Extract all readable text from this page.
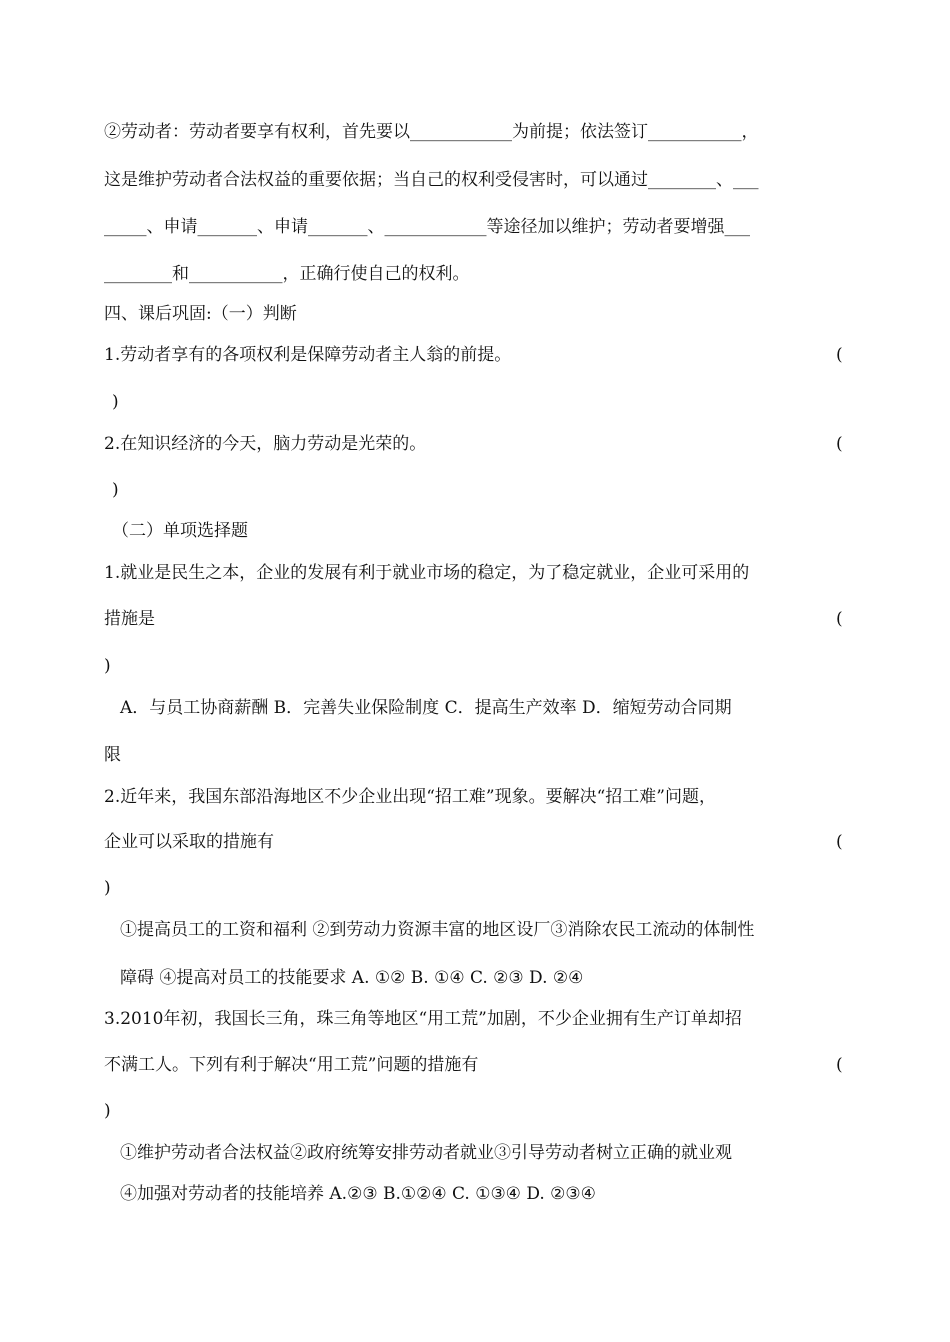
②劳动者：劳动者要享有权利，首先要以____________为前提；依法签订___________，
这是维护劳动者合法权益的重要依据；当自己的权利受侵害时，可以通过________、___
_____、申请_______、申请_______、____________等途径加以维护；劳动者要增强___
________和___________，正确行使自己的权利。
四、课后巩固:（一）判断
1.劳动者享有的各项权利是保障劳动者主人翁的前提。	(
)
2.在知识经济的今天，脑力劳动是光荣的。	(
)
（二）单项选择题
1.就业是民生之本，企业的发展有利于就业市场的稳定，为了稳定就业，企业可采用的
措施是	(
)
A．与员工协商薪酬 B．完善失业保险制度 C．提高生产效率 D．缩短劳动合同期
限
2.近年来，我国东部沿海地区不少企业出现“招工难”现象。要解决“招工难”问题，
企业可以采取的措施有	(
)
①提高员工的工资和福利 ②到劳动力资源丰富的地区设厂③消除农民工流动的体制性
障碍 ④提高对员工的技能要求 A. ①② B. ①④ C. ②③ D. ②④
3.2010年初，我国长三角，珠三角等地区“用工荒”加剧，不少企业拥有生产订单却招
不满工人。下列有利于解决“用工荒”问题的措施有	(
)
①维护劳动者合法权益②政府统筹安排劳动者就业③引导劳动者树立正确的就业观
④加强对劳动者的技能培养 A.②③ B.①②④ C. ①③④ D. ②③④
